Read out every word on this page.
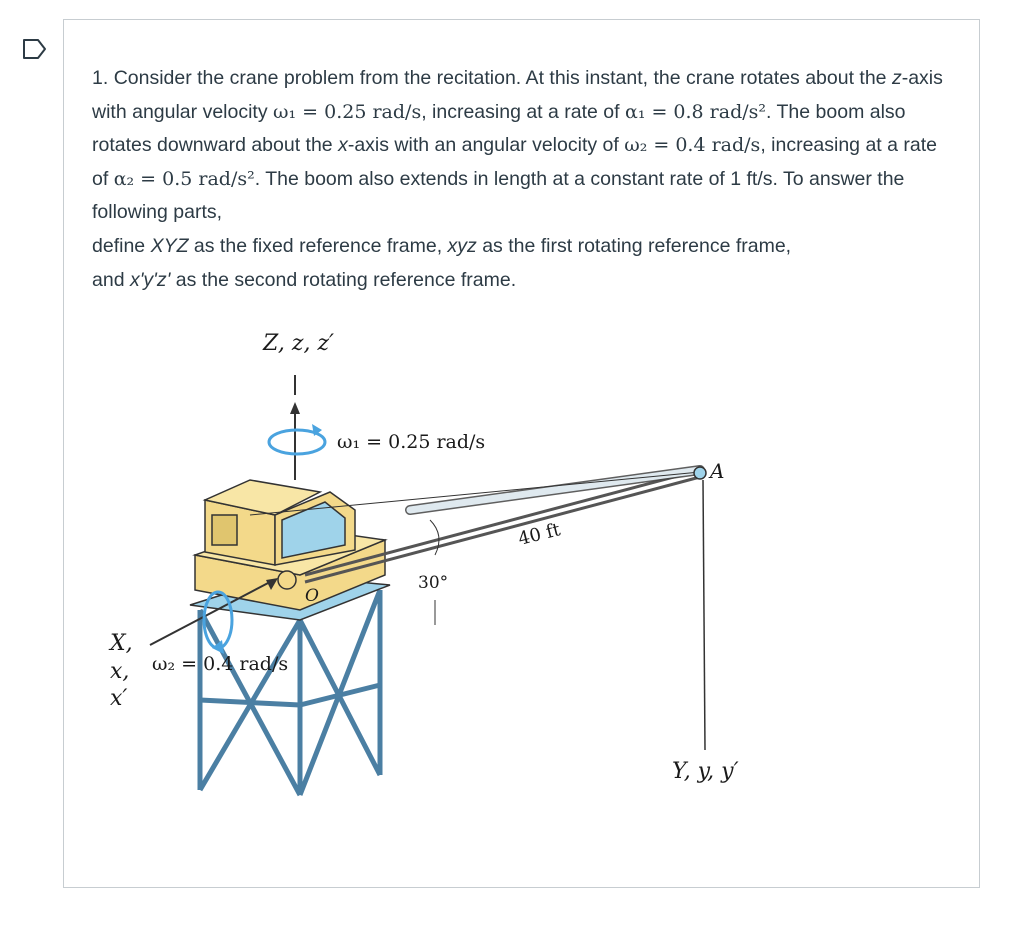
1. Consider the crane problem from the recitation. At this instant, the crane rotates about the z-axis with angular velocity ω₁ = 0.25 rad/s, increasing at a rate of α₁ = 0.8 rad/s². The boom also rotates downward about the x-axis with an angular velocity of ω₂ = 0.4 rad/s, increasing at a rate of α₂ = 0.5 rad/s². The boom also extends in length at a constant rate of 1 ft/s. To answer the following parts,

define XYZ as the fixed reference frame, xyz as the first rotating reference frame,

and x'y'z' as the second rotating reference frame.

Z, z, z′
ω₁ = 0.25 rad/s
A
40 ft
30°
O
X,
x,
x′
ω₂ = 0.4 rad/s
Y, y, y′
